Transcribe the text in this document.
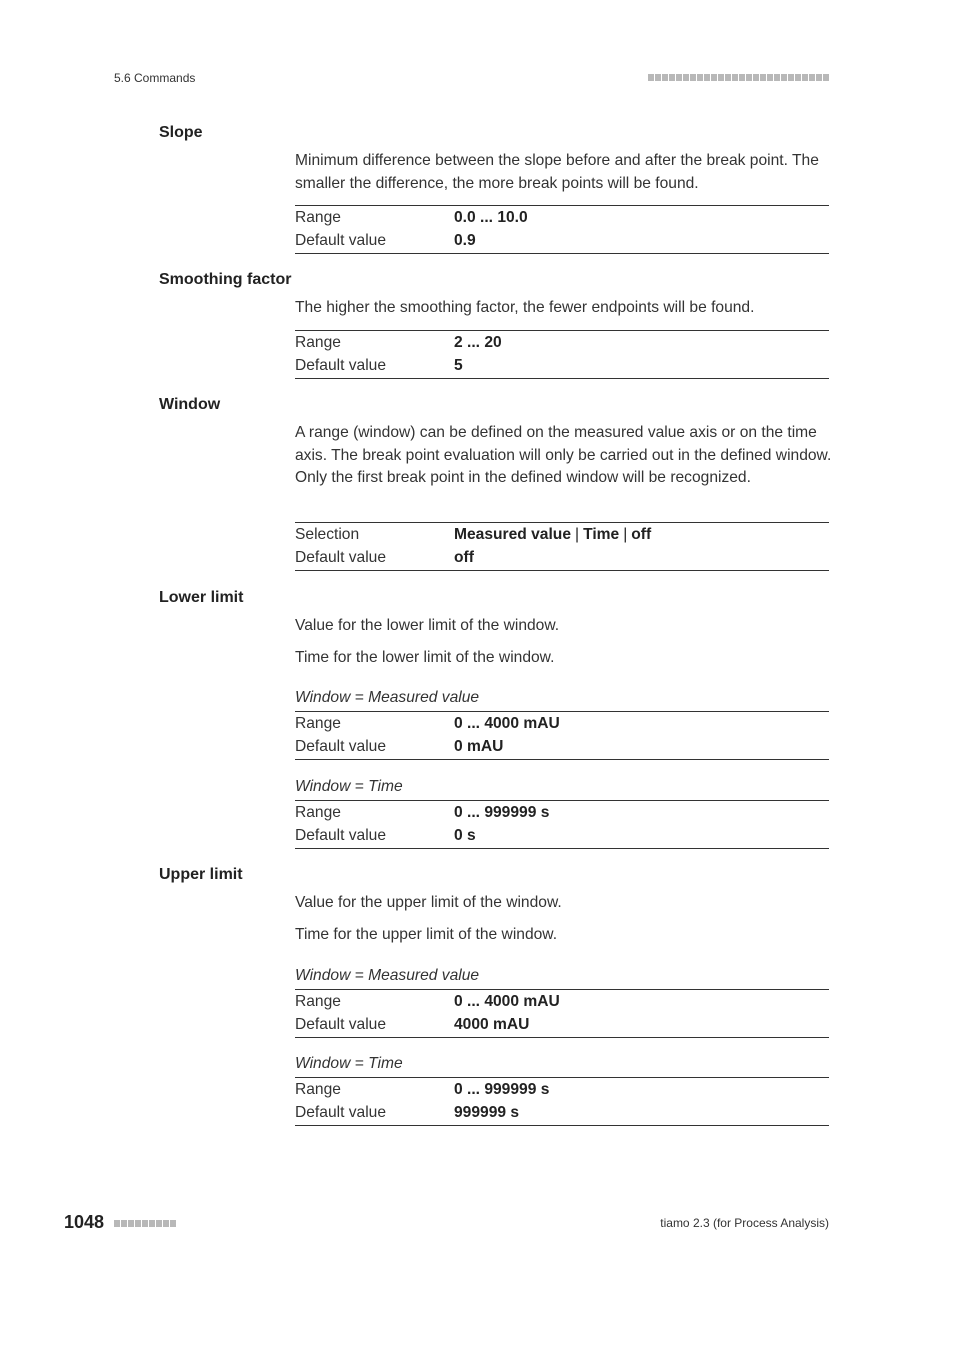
5.6 Commands
Slope
Minimum difference between the slope before and after the break point. The smaller the difference, the more break points will be found.
Range	0.0 ... 10.0
Default value	0.9
Smoothing factor
The higher the smoothing factor, the fewer endpoints will be found.
Range	2 ... 20
Default value	5
Window
A range (window) can be defined on the measured value axis or on the time axis. The break point evaluation will only be carried out in the defined window. Only the first break point in the defined window will be recognized.
Selection	Measured value | Time | off
Default value	off
Lower limit
Value for the lower limit of the window.
Time for the lower limit of the window.
Window = Measured value
Range	0 ... 4000 mAU
Default value	0 mAU
Window = Time
Range	0 ... 999999 s
Default value	0 s
Upper limit
Value for the upper limit of the window.
Time for the upper limit of the window.
Window = Measured value
Range	0 ... 4000 mAU
Default value	4000 mAU
Window = Time
Range	0 ... 999999 s
Default value	999999 s
1048	tiamo 2.3 (for Process Analysis)
